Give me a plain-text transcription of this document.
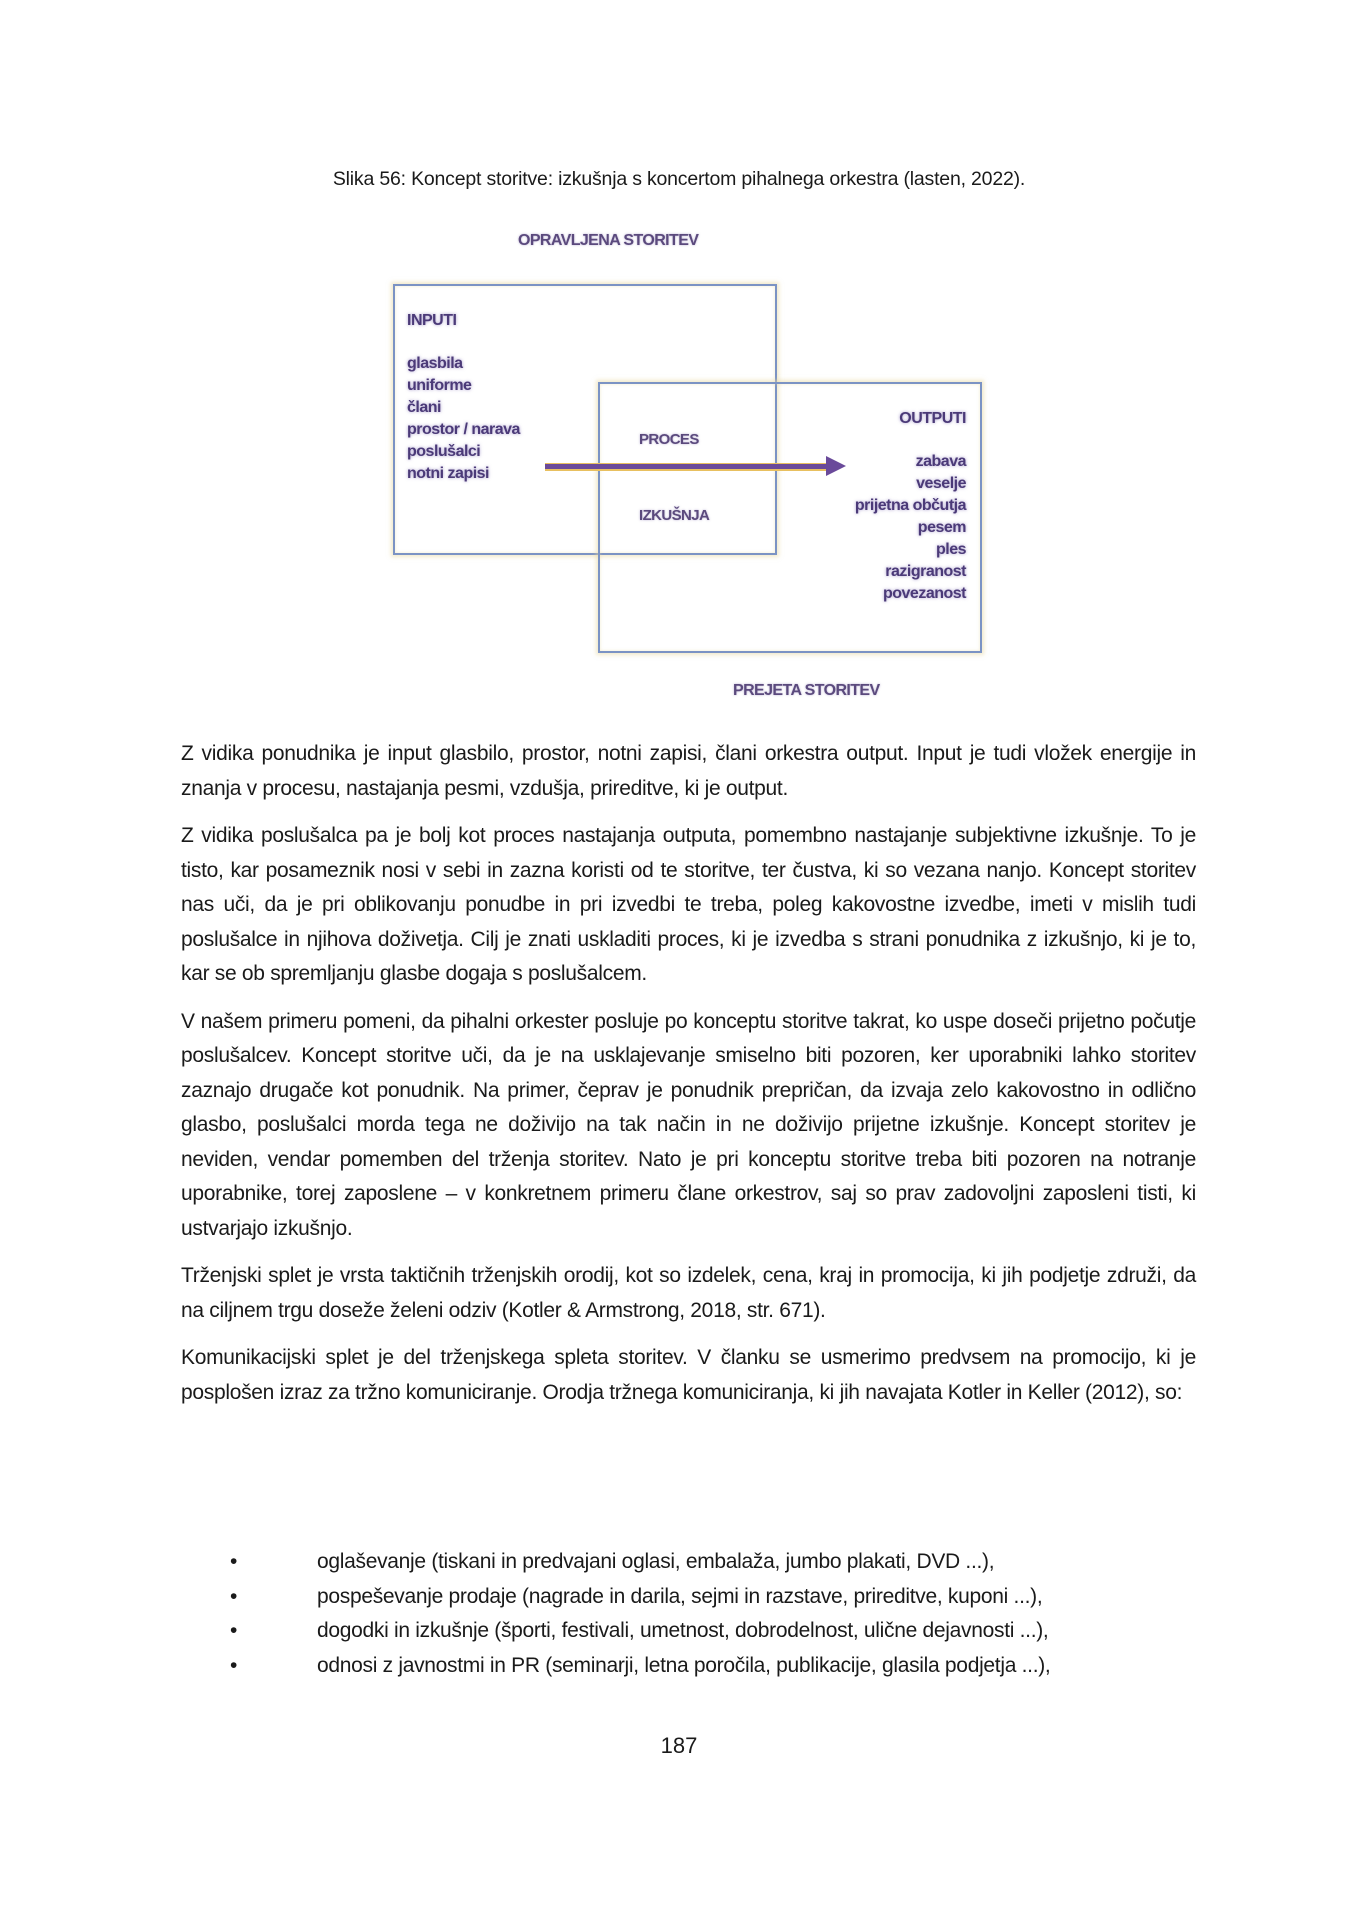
Slika 56: Koncept storitve: izkušnja s koncertom pihalnega orkestra (lasten, 2022).
OPRAVLJENA STORITEV
INPUTI
glasbila
uniforme
člani
prostor / narava
poslušalci
notni zapisi
PROCES
IZKUŠNJA
OUTPUTI
zabava
veselje
prijetna občutja
pesem
ples
razigranost
povezanost
PREJETA STORITEV

Z vidika ponudnika je input glasbilo, prostor, notni zapisi, člani orkestra output. Input je tudi vložek energije in znanja v procesu, nastajanja pesmi, vzdušja, prireditve, ki je output.

Z vidika poslušalca pa je bolj kot proces nastajanja outputa, pomembno nastajanje subjektivne izkušnje. To je tisto, kar posameznik nosi v sebi in zazna koristi od te storitve, ter čustva, ki so vezana nanjo. Koncept storitev nas uči, da je pri oblikovanju ponudbe in pri izvedbi te treba, poleg kakovostne izvedbe, imeti v mislih tudi poslušalce in njihova doživetja. Cilj je znati uskladiti proces, ki je izvedba s strani ponudnika z izkušnjo, ki je to, kar se ob spremljanju glasbe dogaja s poslušalcem.

V našem primeru pomeni, da pihalni orkester posluje po konceptu storitve takrat, ko uspe doseči prijetno počutje poslušalcev. Koncept storitve uči, da je na usklajevanje smiselno biti pozoren, ker uporabniki lahko storitev zaznajo drugače kot ponudnik. Na primer, čeprav je ponudnik prepričan, da izvaja zelo kakovostno in odlično glasbo, poslušalci morda tega ne doživijo na tak način in ne doživijo prijetne izkušnje. Koncept storitev je neviden, vendar pomemben del trženja storitev. Nato je pri konceptu storitve treba biti pozoren na notranje uporabnike, torej zaposlene – v konkretnem primeru člane orkestrov, saj so prav zadovoljni zaposleni tisti, ki ustvarjajo izkušnjo.

Trženjski splet je vrsta taktičnih trženjskih orodij, kot so izdelek, cena, kraj in promocija, ki jih podjetje združi, da na ciljnem trgu doseže želeni odziv (Kotler & Armstrong, 2018, str. 671).

Komunikacijski splet je del trženjskega spleta storitev. V članku se usmerimo predvsem na promocijo, ki je posplošen izraz za tržno komuniciranje. Orodja tržnega komuniciranja, ki jih navajata Kotler in Keller (2012), so:

•	oglaševanje (tiskani in predvajani oglasi, embalaža, jumbo plakati, DVD ...),
•	pospeševanje prodaje (nagrade in darila, sejmi in razstave, prireditve, kuponi ...),
•	dogodki in izkušnje (športi, festivali, umetnost, dobrodelnost, ulične dejavnosti ...),
•	odnosi z javnostmi in PR (seminarji, letna poročila, publikacije, glasila podjetja ...),
187
